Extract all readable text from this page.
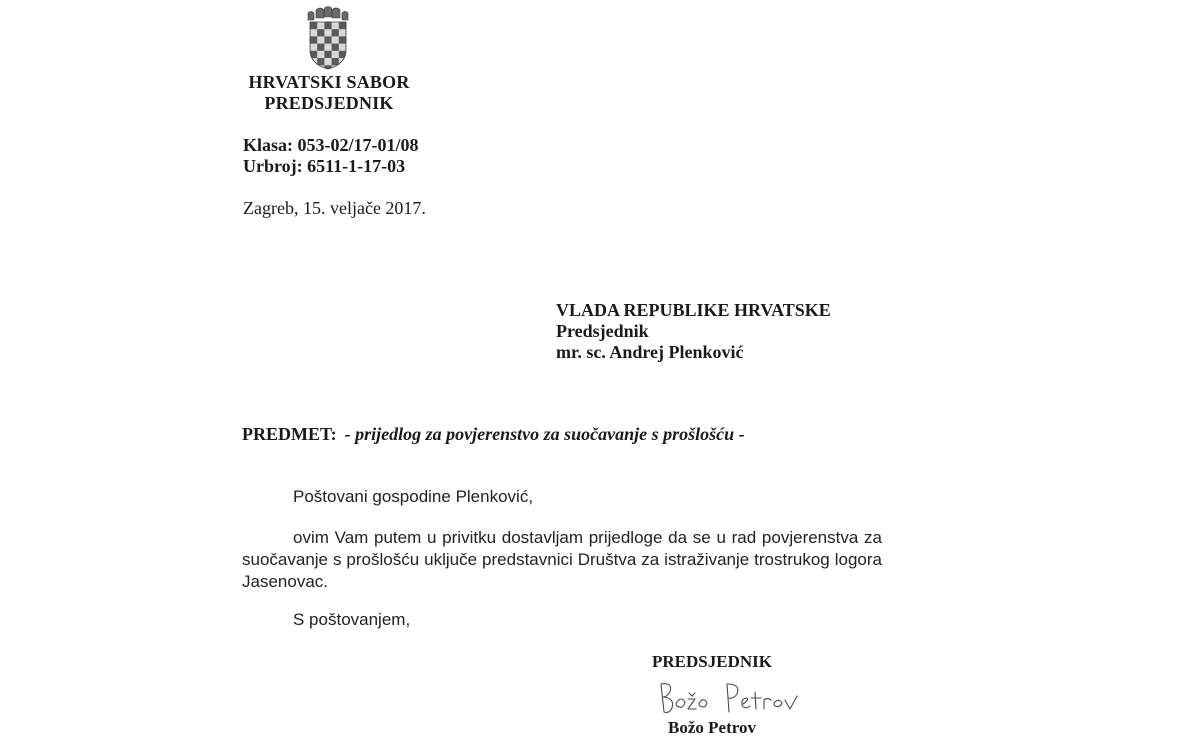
HRVATSKI SABOR
PREDSJEDNIK
Klasa: 053-02/17-01/08
Urbroj: 6511-1-17-03
Zagreb, 15. veljače 2017.
VLADA REPUBLIKE HRVATSKE
Predsjednik
mr. sc. Andrej Plenković
PREDMET: - prijedlog za povjerenstvo za suočavanje s prošlošću -
Poštovani gospodine Plenković,
ovim Vam putem u privitku dostavljam prijedloge da se u rad povjerenstva za suočavanje s prošlošću uključe predstavnici Društva za istraživanje trostrukog logora Jasenovac.
S poštovanjem,
PREDSJEDNIK
Božo Petrov
